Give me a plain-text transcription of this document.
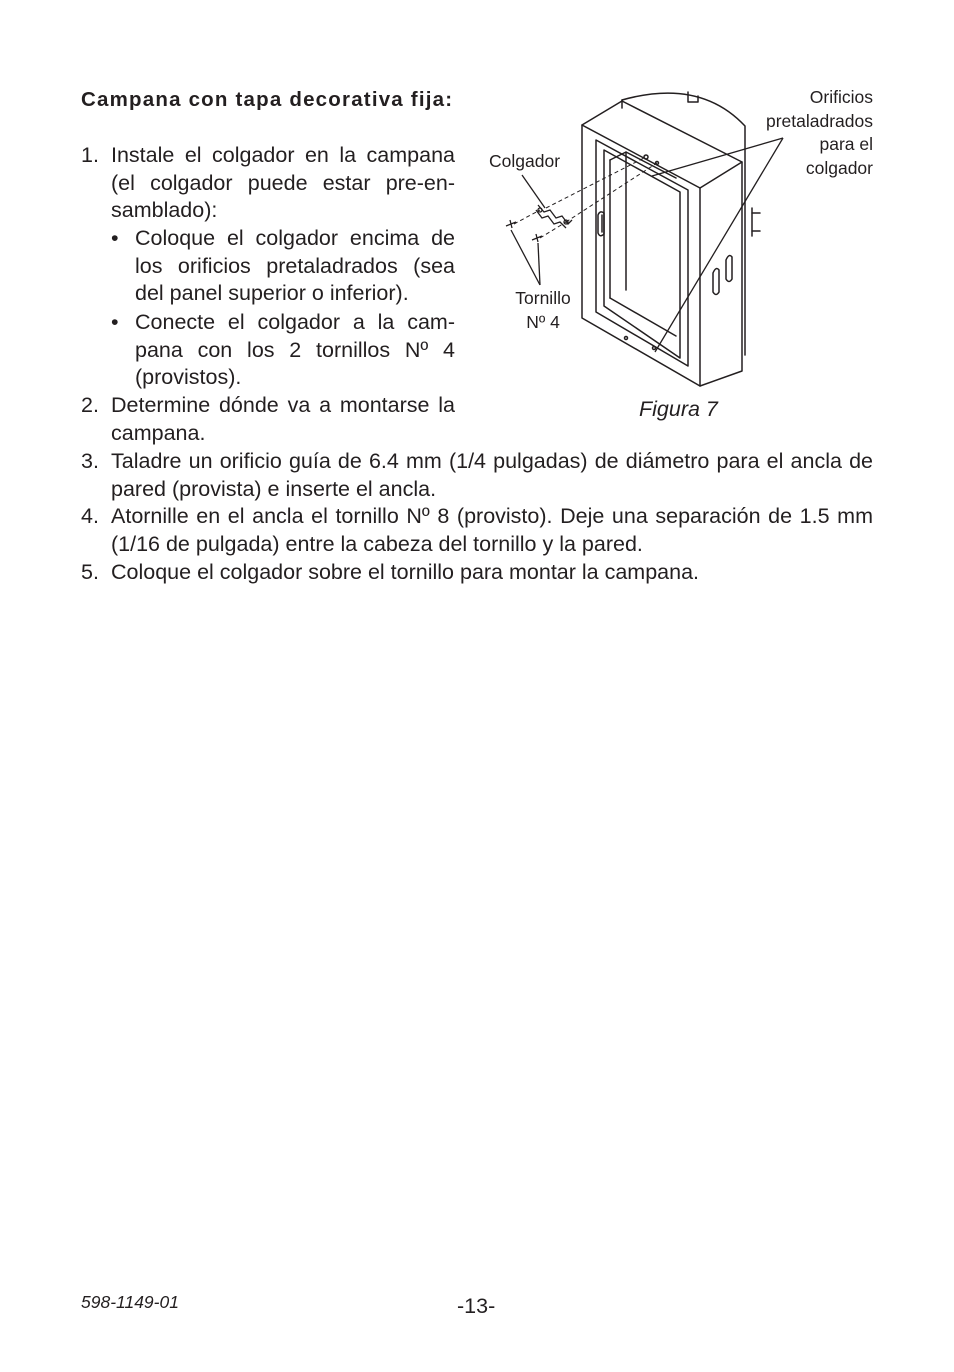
Campana con tapa decorativa fija:
1. Instale el colgador en la campana (el colgador puede estar pre-en-samblado):
• Coloque el colgador encima de los orificios pretaladrados (sea del panel superior o inferior).
• Conecte el colgador a la cam-pana con los 2 tornillos Nº 4 (provistos).
2. Determine dónde va a montarse la campana.
3. Taladre un orificio guía de 6.4 mm (1/4 pulgadas) de diámetro para el ancla de pared (provista) e inserte el ancla.
4. Atornille en el ancla el tornillo Nº 8 (provisto). Deje una separación de 1.5 mm (1/16 de pulgada) entre la cabeza del tornillo y la pared.
5. Coloque el colgador sobre el tornillo para montar la campana.
Colgador
Tornillo
Nº 4
Orificios
pretaladrados
para el
colgador
Figura 7
598-1149-01	-13-
